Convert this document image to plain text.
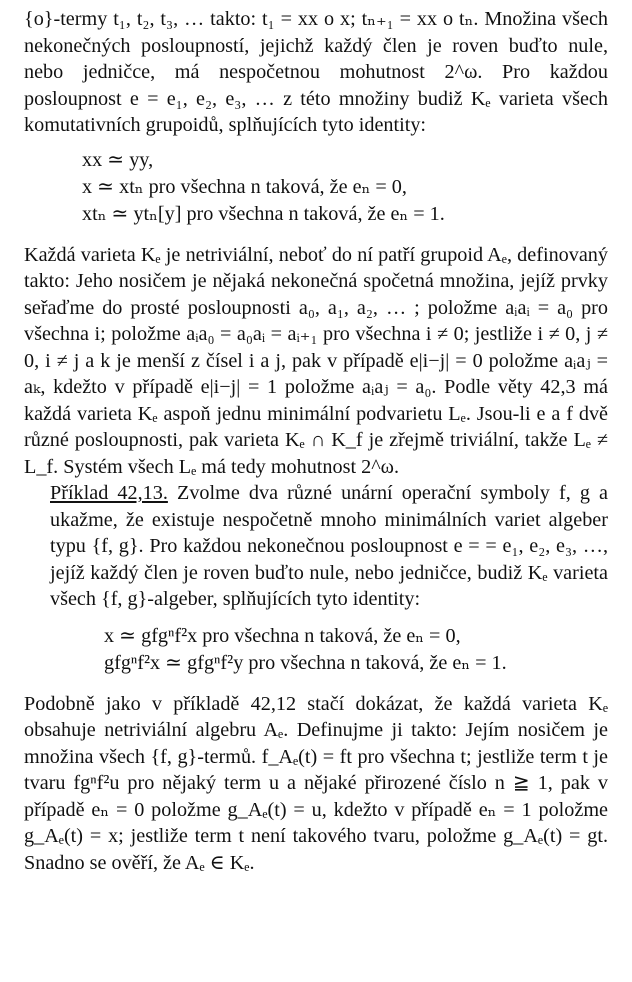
{o}-termy t₁, t₂, t₃, … takto: t₁ = xx o x; tₙ₊₁ = xx o tₙ. Množina všech nekonečných posloupností, jejichž každý člen je roven buďto nule, nebo jedničce, má nespočetnou mohutnost 2^ω. Pro každou posloupnost e = e₁, e₂, e₃, … z této množiny budiž Kₑ varieta všech komutativních grupoidů, splňujících tyto identity:

xx ≃ yy,
x ≃ xtₙ pro všechna n taková, že eₙ = 0,
xtₙ ≃ ytₙ[y] pro všechna n taková, že eₙ = 1.

Každá varieta Kₑ je netriviální, neboť do ní patří grupoid Aₑ, definovaný takto: Jeho nosičem je nějaká nekonečná spočetná množina, jejíž prvky seřaďme do prosté posloupnosti a₀, a₁, a₂, … ; položme aᵢaᵢ = a₀ pro všechna i; položme aᵢa₀ = a₀aᵢ = aᵢ₊₁ pro všechna i ≠ 0; jestliže i ≠ 0, j ≠ 0, i ≠ j a k je menší z čísel i a j, pak v případě e|i−j| = 0 položme aᵢaⱼ = aₖ, kdežto v případě e|i−j| = 1 položme aᵢaⱼ = a₀. Podle věty 42,3 má každá varieta Kₑ aspoň jednu minimální podvarietu Lₑ. Jsou-li e a f dvě různé posloupnosti, pak varieta Kₑ ∩ K_f je zřejmě triviální, takže Lₑ ≠ L_f. Systém všech Lₑ má tedy mohutnost 2^ω.

Příklad 42,13. Zvolme dva různé unární operační symboly f, g a ukažme, že existuje nespočetně mnoho minimálních variet algeber typu {f, g}. Pro každou nekonečnou posloupnost e = = e₁, e₂, e₃, …, jejíž každý člen je roven buďto nule, nebo jedničce, budiž Kₑ varieta všech {f, g}-algeber, splňujících tyto identity:

x ≃ gfgⁿf²x pro všechna n taková, že eₙ = 0,
gfgⁿf²x ≃ gfgⁿf²y pro všechna n taková, že eₙ = 1.

Podobně jako v příkladě 42,12 stačí dokázat, že každá varieta Kₑ obsahuje netriviální algebru Aₑ. Definujme ji takto: Jejím nosičem je množina všech {f, g}-termů. f_Aₑ(t) = ft pro všechna t; jestliže term t je tvaru fgⁿf²u pro nějaký term u a nějaké přirozené číslo n ≧ 1, pak v případě eₙ = 0 položme g_Aₑ(t) = u, kdežto v případě eₙ = 1 položme g_Aₑ(t) = x; jestliže term t není takového tvaru, položme g_Aₑ(t) = gt. Snadno se ověří, že Aₑ ∈ Kₑ.
